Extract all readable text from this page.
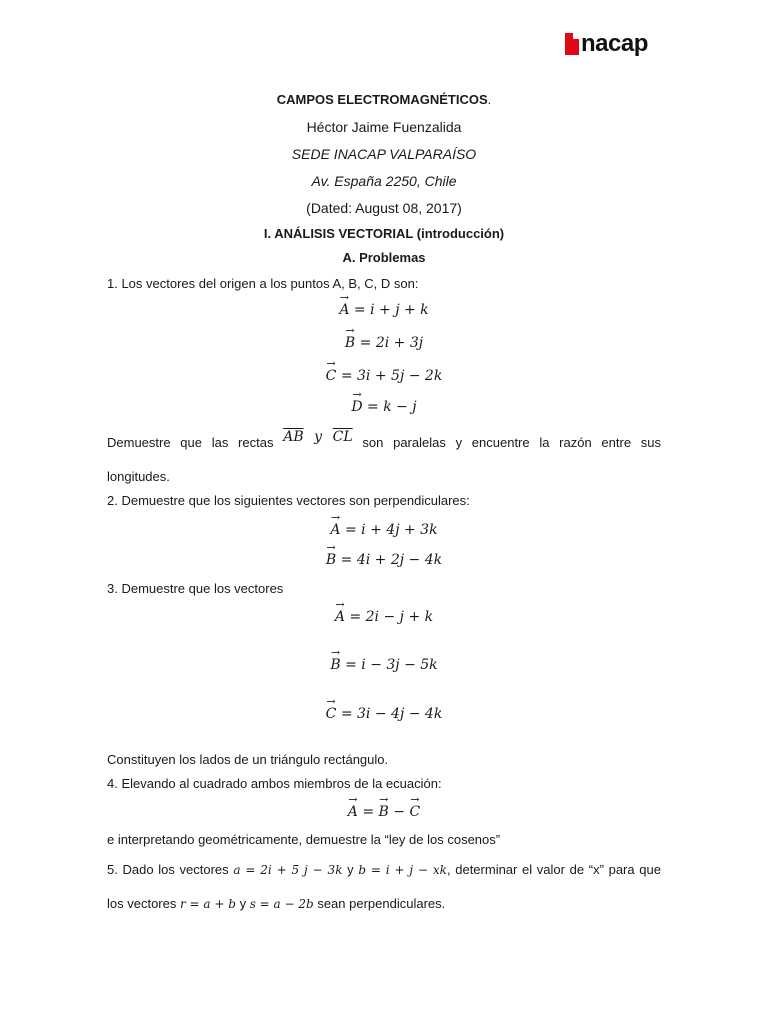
nacap
CAMPOS ELECTROMAGNÉTICOS.
Héctor Jaime Fuenzalida
SEDE INACAP VALPARAÍSO
Av. España 2250, Chile
(Dated: August 08, 2017)
I. ANÁLISIS VECTORIAL (introducción)
A. Problemas
1. Los vectores del origen a los puntos A, B, C, D son:
→ A = i + j + k
→ B = 2i + 3j
→ C = 3i + 5j − 2k
→ D = k − j
Demuestre que las rectas $\overline{AB}$ y $\overline{CL}$ son paralelas y encuentre la razón entre sus
longitudes.
2. Demuestre que los siguientes vectores son perpendiculares:
→ A = i + 4j + 3k
→ B = 4i + 2j − 4k
3. Demuestre que los vectores
→ A = 2i − j + k
→ B = i − 3j − 5k
→ C = 3i − 4j − 4k
Constituyen los lados de un triángulo rectángulo.
4. Elevando al cuadrado ambos miembros de la ecuación:
→ A = → B − → C
e interpretando geométricamente, demuestre la “ley de los cosenos”
5. Dado los vectores a = 2i + 5 j − 3k y b = i + j − xk, determinar el valor de “x” para que
los vectores r = a + b y s = a − 2b sean perpendiculares.
